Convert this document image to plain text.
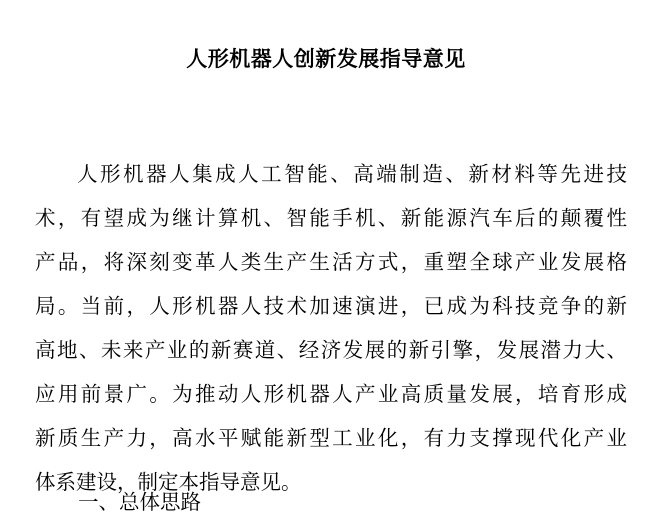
人形机器人创新发展指导意见
人形机器人集成人工智能、高端制造、新材料等先进技
术，有望成为继计算机、智能手机、新能源汽车后的颠覆性
产品，将深刻变革人类生产生活方式，重塑全球产业发展格
局。当前，人形机器人技术加速演进，已成为科技竞争的新
高地、未来产业的新赛道、经济发展的新引擎，发展潜力大、
应用前景广。为推动人形机器人产业高质量发展，培育形成
新质生产力，高水平赋能新型工业化，有力支撑现代化产业
体系建设，制定本指导意见。
一、总体思路
